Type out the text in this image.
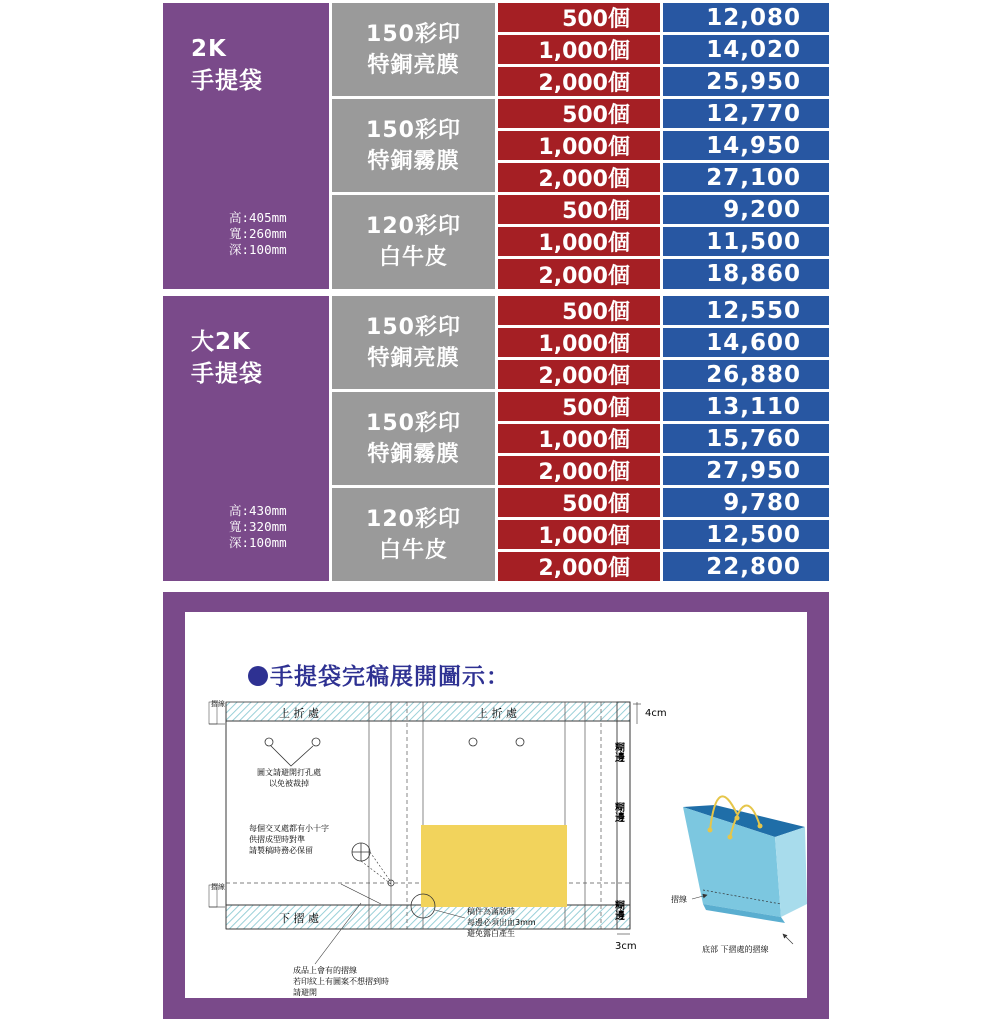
2K
手提袋
高:405mm
寬:260mm
深:100mm
150彩印
特銅亮膜
150彩印
特銅霧膜
120彩印
白牛皮
500個
1,000個
2,000個
500個
1,000個
2,000個
500個
1,000個
2,000個
12,080
14,020
25,950
12,770
14,950
27,100
9,200
11,500
18,860
大2K
手提袋
高:430mm
寬:320mm
深:100mm
150彩印
特銅亮膜
150彩印
特銅霧膜
120彩印
白牛皮
500個
1,000個
2,000個
500個
1,000個
2,000個
500個
1,000個
2,000個
12,550
14,600
26,880
13,110
15,760
27,950
9,780
12,500
22,800
手提袋完稿展開圖示：
摺線
摺線
上 折 處	上 折 處
下 摺 處
糊邊
糊邊
糊邊
4cm
3cm
圖文請避開打孔處
以免被裁掉
每個交叉處都有小十字
供摺成型時對準
請製稿時務必保留
稿件為滿版時
每邊必須出血3mm
避免露白產生
成品上會有的摺線
若印紋上有圖案不想摺到時
請避開
摺線
底部 下摺處的摺線
